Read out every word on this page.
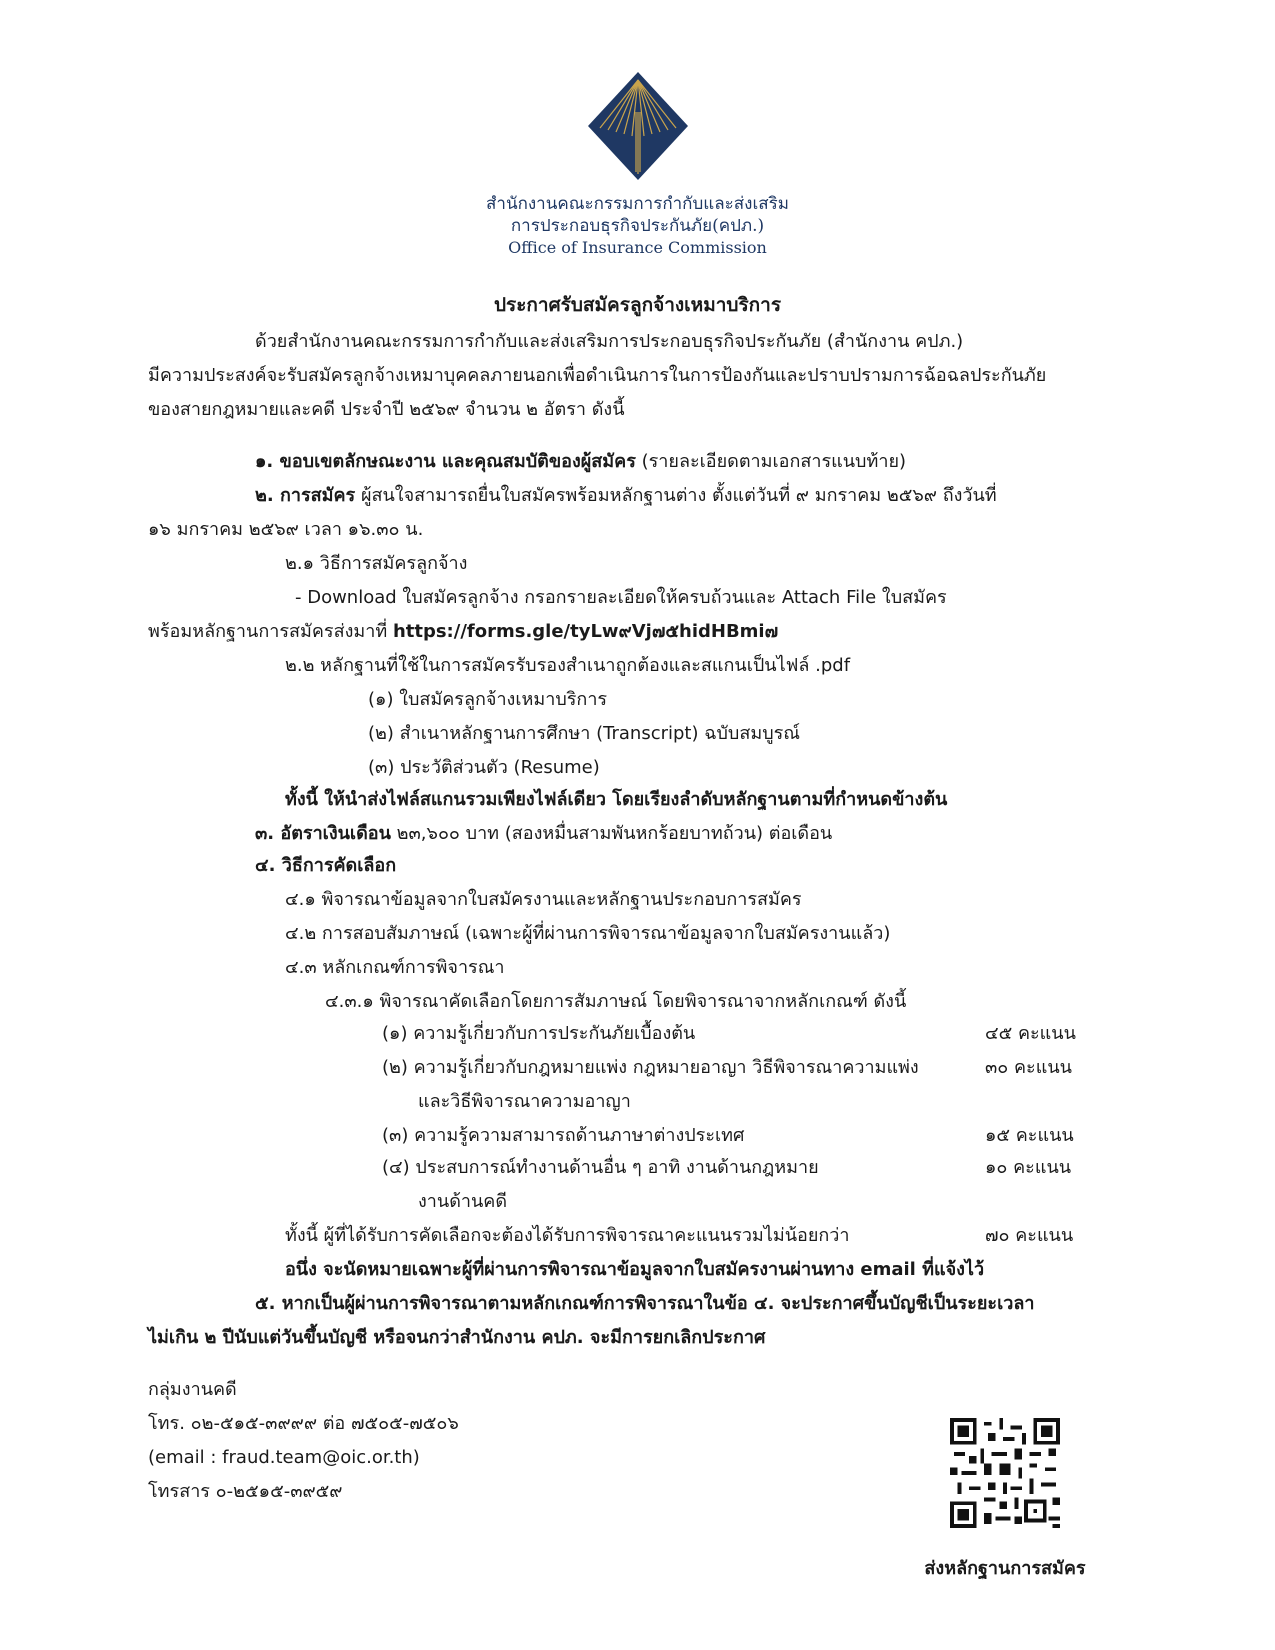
สำนักงานคณะกรรมการกำกับและส่งเสริม
การประกอบธุรกิจประกันภัย(คปภ.)
Office of Insurance Commission
ประกาศรับสมัครลูกจ้างเหมาบริการ
ด้วยสำนักงานคณะกรรมการกำกับและส่งเสริมการประกอบธุรกิจประกันภัย (สำนักงาน คปภ.)
มีความประสงค์จะรับสมัครลูกจ้างเหมาบุคคลภายนอกเพื่อดำเนินการในการป้องกันและปราบปรามการฉ้อฉลประกันภัย
ของสายกฎหมายและคดี ประจำปี ๒๕๖๙ จำนวน ๒ อัตรา ดังนี้
๑. ขอบเขตลักษณะงาน และคุณสมบัติของผู้สมัคร (รายละเอียดตามเอกสารแนบท้าย)
๒. การสมัคร ผู้สนใจสามารถยื่นใบสมัครพร้อมหลักฐานต่าง ตั้งแต่วันที่ ๙ มกราคม ๒๕๖๙ ถึงวันที่
๑๖ มกราคม ๒๕๖๙ เวลา ๑๖.๓๐ น.
๒.๑ วิธีการสมัครลูกจ้าง
- Download ใบสมัครลูกจ้าง กรอกรายละเอียดให้ครบถ้วนและ Attach File ใบสมัคร
พร้อมหลักฐานการสมัครส่งมาที่ https://forms.gle/tyLw๙Vj๗๕hidHBmi๗
๒.๒ หลักฐานที่ใช้ในการสมัครรับรองสำเนาถูกต้องและสแกนเป็นไฟล์ .pdf
(๑) ใบสมัครลูกจ้างเหมาบริการ
(๒) สำเนาหลักฐานการศึกษา (Transcript) ฉบับสมบูรณ์
(๓) ประวัติส่วนตัว (Resume)
ทั้งนี้ ให้นำส่งไฟล์สแกนรวมเพียงไฟล์เดียว โดยเรียงลำดับหลักฐานตามที่กำหนดข้างต้น
๓. อัตราเงินเดือน ๒๓,๖๐๐ บาท (สองหมื่นสามพันหกร้อยบาทถ้วน) ต่อเดือน
๔. วิธีการคัดเลือก
๔.๑ พิจารณาข้อมูลจากใบสมัครงานและหลักฐานประกอบการสมัคร
๔.๒ การสอบสัมภาษณ์ (เฉพาะผู้ที่ผ่านการพิจารณาข้อมูลจากใบสมัครงานแล้ว)
๔.๓ หลักเกณฑ์การพิจารณา
๔.๓.๑ พิจารณาคัดเลือกโดยการสัมภาษณ์ โดยพิจารณาจากหลักเกณฑ์ ดังนี้
(๑) ความรู้เกี่ยวกับการประกันภัยเบื้องต้น	๔๕ คะแนน
(๒) ความรู้เกี่ยวกับกฎหมายแพ่ง กฎหมายอาญา วิธีพิจารณาความแพ่ง	๓๐ คะแนน
และวิธีพิจารณาความอาญา
(๓) ความรู้ความสามารถด้านภาษาต่างประเทศ	๑๕ คะแนน
(๔) ประสบการณ์ทำงานด้านอื่น ๆ อาทิ งานด้านกฎหมาย	๑๐ คะแนน
งานด้านคดี
ทั้งนี้ ผู้ที่ได้รับการคัดเลือกจะต้องได้รับการพิจารณาคะแนนรวมไม่น้อยกว่า	๗๐ คะแนน
อนึ่ง จะนัดหมายเฉพาะผู้ที่ผ่านการพิจารณาข้อมูลจากใบสมัครงานผ่านทาง email ที่แจ้งไว้
๕. หากเป็นผู้ผ่านการพิจารณาตามหลักเกณฑ์การพิจารณาในข้อ ๔. จะประกาศขึ้นบัญชีเป็นระยะเวลา
ไม่เกิน ๒ ปีนับแต่วันขึ้นบัญชี หรือจนกว่าสำนักงาน คปภ. จะมีการยกเลิกประกาศ
กลุ่มงานคดี
โทร. ๐๒-๕๑๕-๓๙๙๙ ต่อ ๗๕๐๕-๗๕๐๖
(email : fraud.team@oic.or.th)
โทรสาร ๐-๒๕๑๕-๓๙๕๙
ส่งหลักฐานการสมัคร
